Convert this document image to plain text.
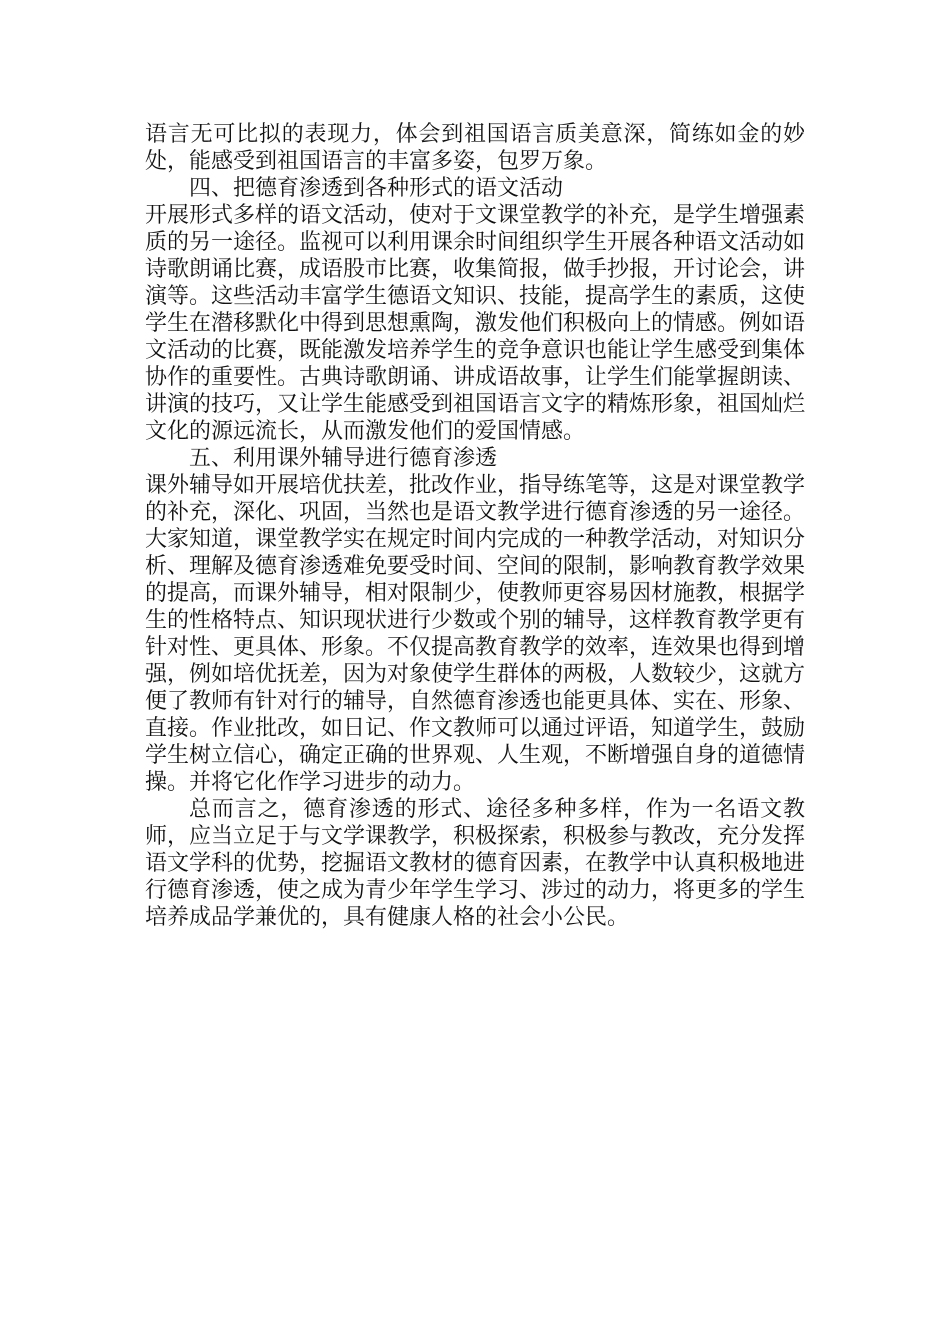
语言无可比拟的表现力，体会到祖国语言质美意深，简练如金的妙处，能感受到祖国语言的丰富多姿，包罗万象。

四、把德育渗透到各种形式的语文活动

开展形式多样的语文活动，使对于文课堂教学的补充，是学生增强素质的另一途径。监视可以利用课余时间组织学生开展各种语文活动如诗歌朗诵比赛，成语股市比赛，收集简报，做手抄报，开讨论会，讲演等。这些活动丰富学生德语文知识、技能，提高学生的素质，这使学生在潜移默化中得到思想熏陶，激发他们积极向上的情感。例如语文活动的比赛，既能激发培养学生的竞争意识也能让学生感受到集体协作的重要性。古典诗歌朗诵、讲成语故事，让学生们能掌握朗读、讲演的技巧，又让学生能感受到祖国语言文字的精炼形象，祖国灿烂文化的源远流长，从而激发他们的爱国情感。

五、利用课外辅导进行德育渗透

课外辅导如开展培优扶差，批改作业，指导练笔等，这是对课堂教学的补充，深化、巩固，当然也是语文教学进行德育渗透的另一途径。大家知道，课堂教学实在规定时间内完成的一种教学活动，对知识分析、理解及德育渗透难免要受时间、空间的限制，影响教育教学效果的提高，而课外辅导，相对限制少，使教师更容易因材施教，根据学生的性格特点、知识现状进行少数或个别的辅导，这样教育教学更有针对性、更具体、形象。不仅提高教育教学的效率，连效果也得到增强，例如培优抚差，因为对象使学生群体的两极，人数较少，这就方便了教师有针对行的辅导，自然德育渗透也能更具体、实在、形象、直接。作业批改，如日记、作文教师可以通过评语，知道学生，鼓励学生树立信心，确定正确的世界观、人生观，不断增强自身的道德情操。并将它化作学习进步的动力。

总而言之，德育渗透的形式、途径多种多样，作为一名语文教师，应当立足于与文学课教学，积极探索，积极参与教改，充分发挥语文学科的优势，挖掘语文教材的德育因素，在教学中认真积极地进行德育渗透，使之成为青少年学生学习、涉过的动力，将更多的学生培养成品学兼优的，具有健康人格的社会小公民。
